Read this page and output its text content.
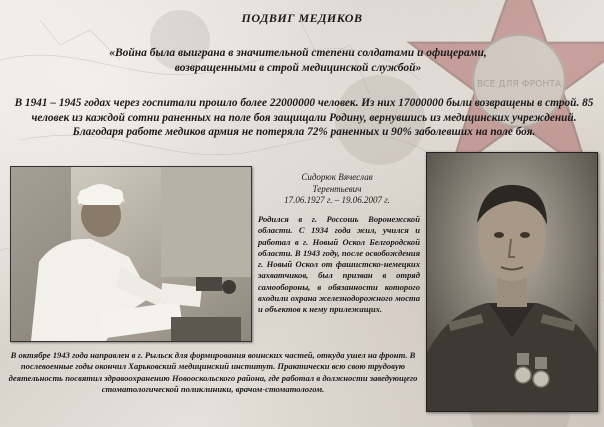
ВСЕ ДЛЯ ФРОНТА
ПОДВИГ МЕДИКОВ
«Война была выиграна в значительной степени солдатами и офицерами, возвращенными в строй медицинской службой»
В 1941 – 1945 годах через госпитали прошло более 22000000 человек. Из них 17000000 были возвращены в строй. 85 человек из каждой сотни раненных на поле боя защищали Родину, вернувшись из медицинских учреждений. Благодаря работе медиков армия не потеряла 72% раненных и 90% заболевших на поле боя.
Сидорюк Вячеслав
Терентьевич
17.06.1927 г. – 19.06.2007 г.
Родился в г. Россошь Воронежской области. С 1934 года жил, учился и работал в г. Новый Оскол Белгородской области. В 1943 году, после освобождения г. Новый Оскол от фашистско-немецких захватчиков, был призван в отряд самообороны, в обязанности которого входили охрана железнодорожного моста и объектов к нему прилежащих.
В октябре 1943 года направлен в г. Рыльск для формирования воинских частей, откуда ушел на фронт. В послевоенные годы окончил Харьковский медицинский институт. Практически всю свою трудовую деятельность посвятил здравоохранению Новооскольского района, где работал в должности заведующего стоматологической поликлиники, врачом-стоматологом.
